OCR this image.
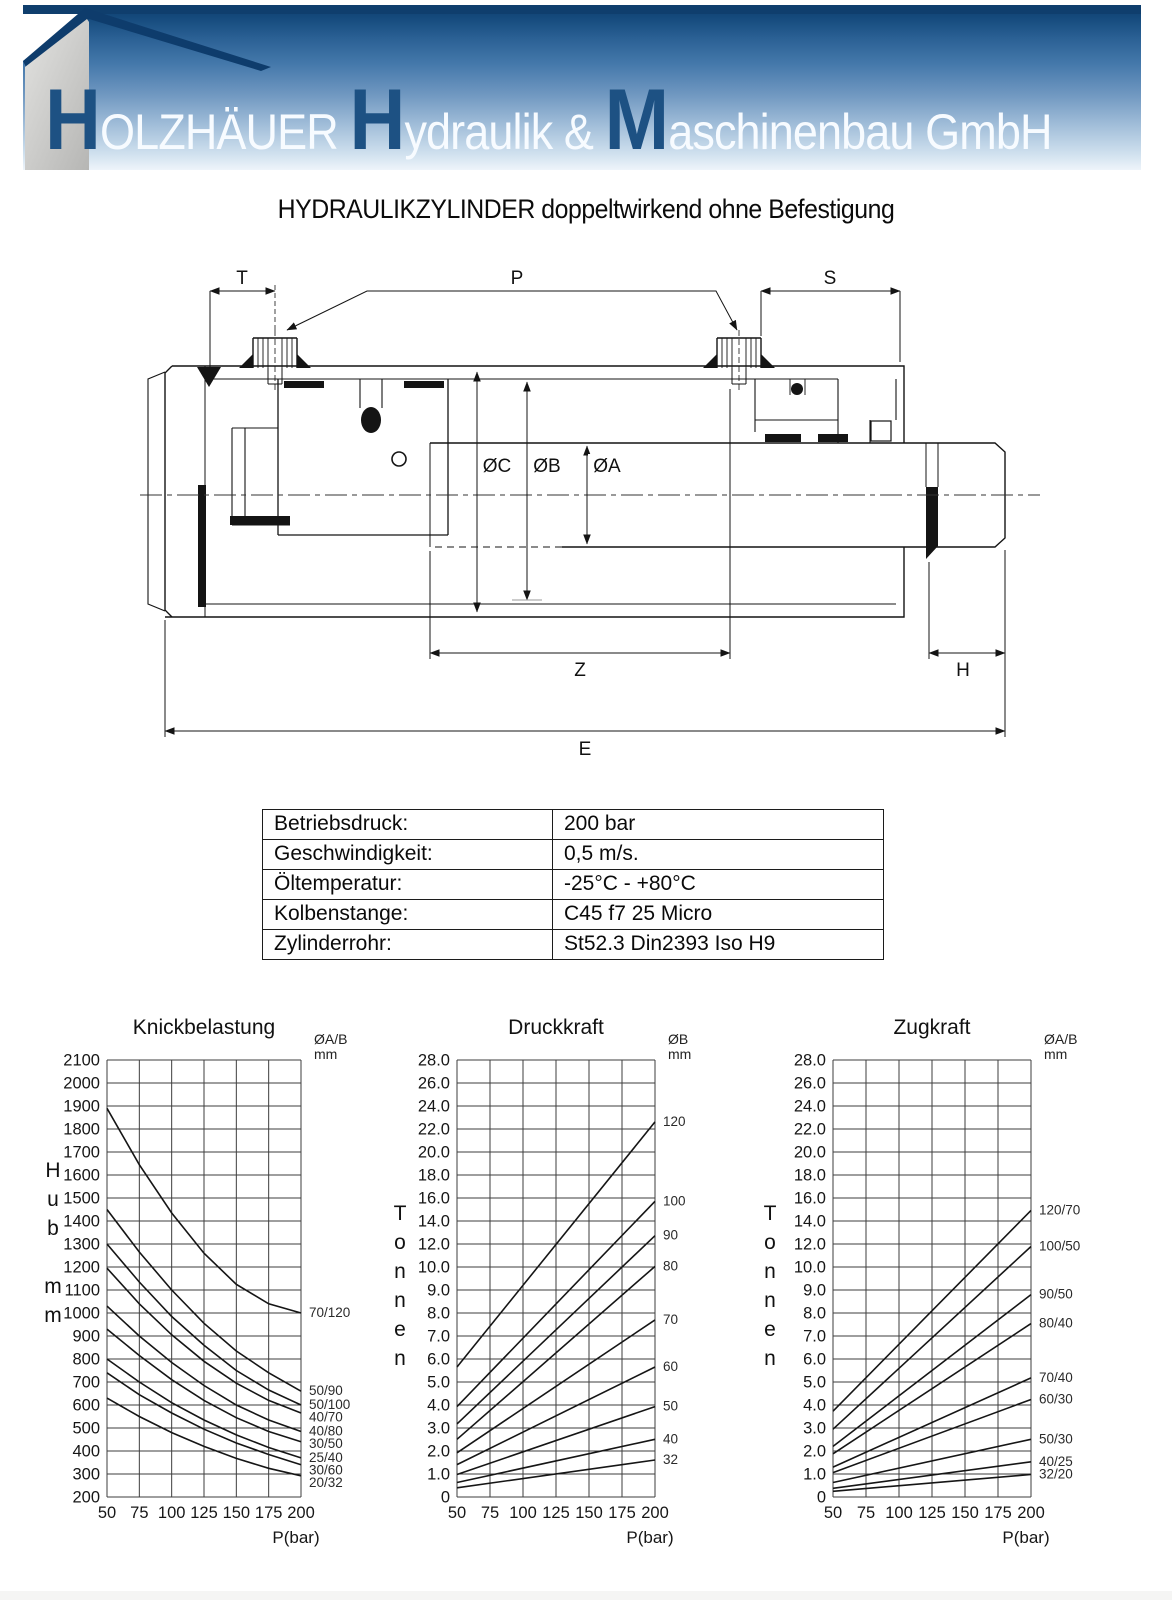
HOLZHÄUER Hydraulik & Maschinenbau GmbH
HYDRAULIKZYLINDER doppeltwirkend ohne Befestigung
T	P	S
ØC ØB ØA
Z	H
E
Betriebsdruck:	200 bar
Geschwindigkeit:	0,5 m/s.
Öltemperatur:	-25°C - +80°C
Kolbenstange:	C45 f7 25 Micro
Zylinderrohr:	St52.3 Din2393 Iso H9
70/120
50/90
50/100
40/70
40/80
30/50
25/40
30/60
20/32
Knickbelastung	ØA/B
mm
200
300
400
500
600
700
800
900
1000
1100
1200
1300
1400
1500
1600
1700
1800
1900
2000
2100
50 75 100 125 150 175 200
P(bar)
H
u
b
m
m
120
100
90
80
70
60
50
40
32
Druckkraft	ØB
mm
0
1.0
2.0
3.0
4.0
5.0
6.0
7.0
8.0
9.0
10.0
12.0
14.0
16.0
18.0
20.0
22.0
24.0
26.0
28.0
50 75 100 125 150 175 200
P(bar)
T
o
n
n
e
n
120/70
100/50
90/50
80/40
70/40
60/30
50/30
40/25
32/20
Zugkraft	ØA/B
mm
0
1.0
2.0
3.0
4.0
5.0
6.0
7.0
8.0
9.0
10.0
12.0
14.0
16.0
18.0
20.0
22.0
24.0
26.0
28.0
50 75 100 125 150 175 200
P(bar)
T
o
n
n
e
n
